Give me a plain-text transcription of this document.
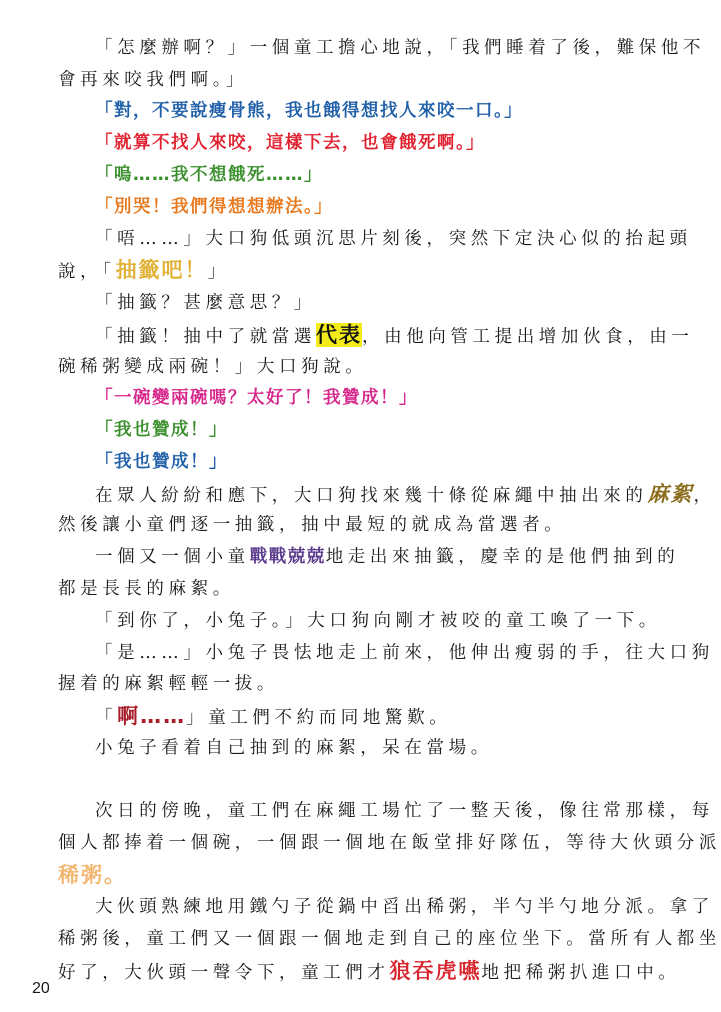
「怎麼辦啊？」一個童工擔心地說，「我們睡着了後，難保他不
會再來咬我們啊。」
「對，不要說瘦骨熊，我也餓得想找人來咬一口。」
「就算不找人來咬，這樣下去，也會餓死啊。」
「嗚……我不想餓死……」
「別哭！我們得想想辦法。」
「唔……」大口狗低頭沉思片刻後，突然下定決心似的抬起頭
說，「抽籤吧！」
「抽籤？甚麼意思？」
「抽籤！抽中了就當選代表，由他向管工提出增加伙食，由一
碗稀粥變成兩碗！」大口狗說。
「一碗變兩碗嗎？太好了！我贊成！」
「我也贊成！」
「我也贊成！」
在眾人紛紛和應下，大口狗找來幾十條從麻繩中抽出來的麻絮，
然後讓小童們逐一抽籤，抽中最短的就成為當選者。
一個又一個小童戰戰兢兢地走出來抽籤，慶幸的是他們抽到的
都是長長的麻絮。
「到你了，小兔子。」大口狗向剛才被咬的童工喚了一下。
「是……」小兔子畏怯地走上前來，他伸出瘦弱的手，往大口狗
握着的麻絮輕輕一拔。
「啊……」童工們不約而同地驚歎。
小兔子看着自己抽到的麻絮，呆在當場。
次日的傍晚，童工們在麻繩工場忙了一整天後，像往常那樣，每
個人都捧着一個碗，一個跟一個地在飯堂排好隊伍，等待大伙頭分派
稀粥。
大伙頭熟練地用鐵勺子從鍋中舀出稀粥，半勺半勺地分派。拿了
稀粥後，童工們又一個跟一個地走到自己的座位坐下。當所有人都坐
好了，大伙頭一聲令下，童工們才狼吞虎嚥地把稀粥扒進口中。
20
